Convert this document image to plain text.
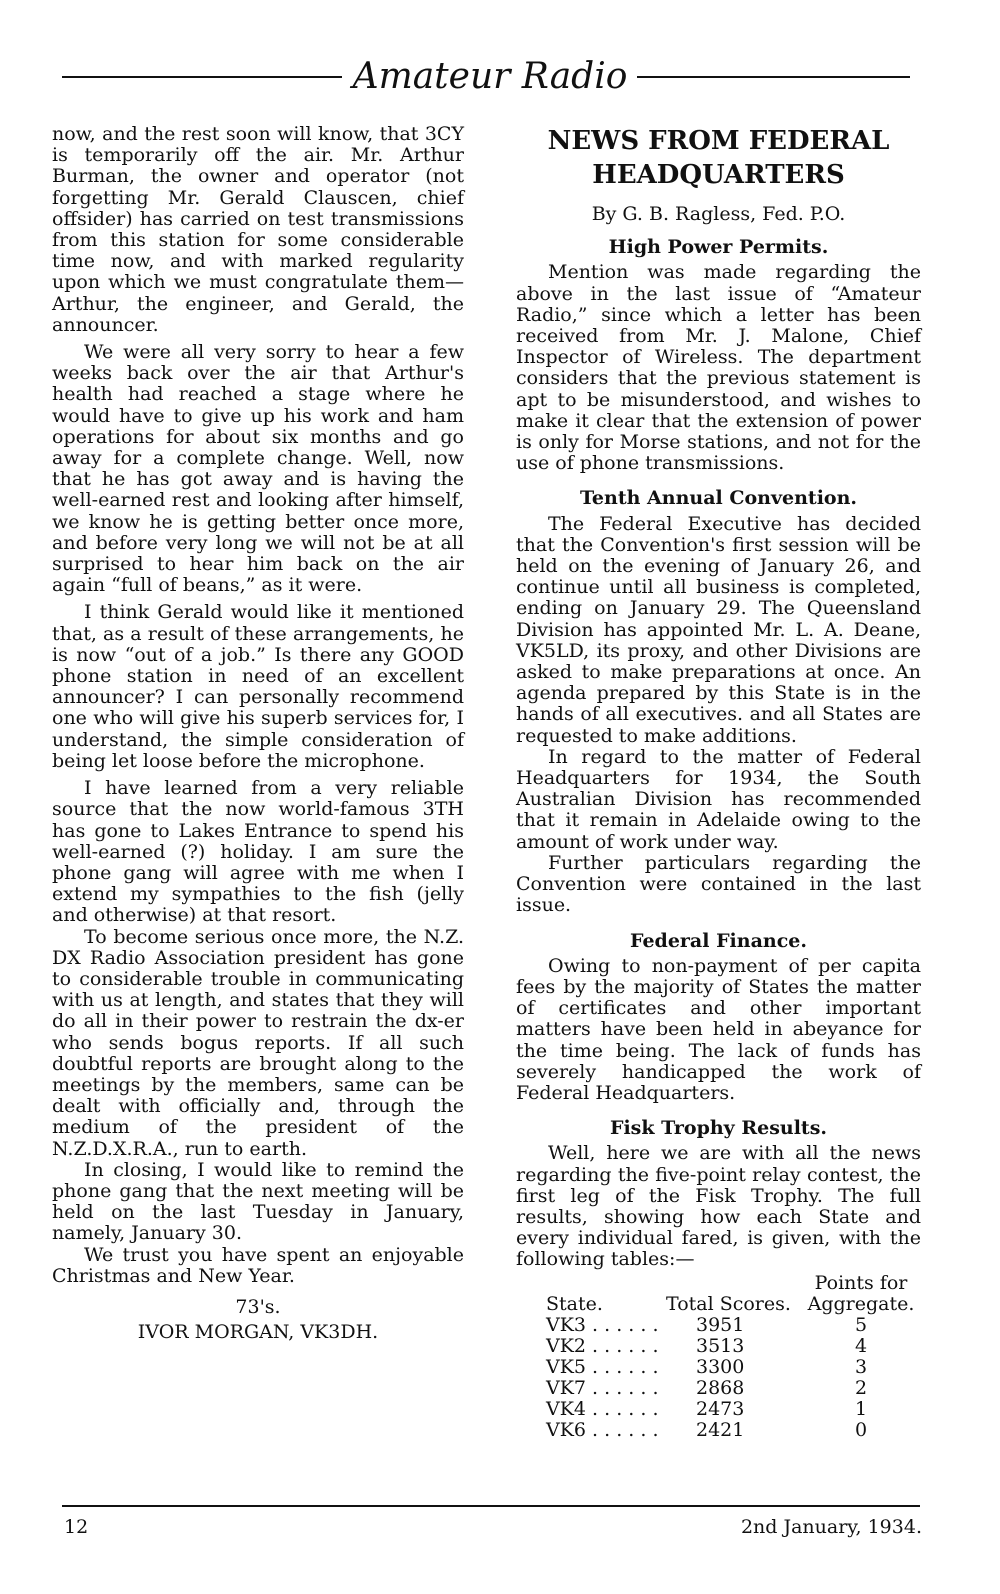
Amateur Radio

now, and the rest soon will know, that 3CY is temporarily off the air. Mr. Arthur Burman, the owner and operator (not forgetting Mr. Gerald Clauscen, chief offsider) has carried on test transmissions from this station for some considerable time now, and with marked regularity upon which we must congratulate them—Arthur, the engineer, and Gerald, the announcer.

We were all very sorry to hear a few weeks back over the air that Arthur's health had reached a stage where he would have to give up his work and ham operations for about six months and go away for a complete change. Well, now that he has got away and is having the well-earned rest and looking after himself, we know he is getting better once more, and before very long we will not be at all surprised to hear him back on the air again “full of beans,” as it were.

I think Gerald would like it mentioned that, as a result of these arrangements, he is now “out of a job.” Is there any GOOD phone station in need of an excellent announcer? I can personally recommend one who will give his superb services for, I understand, the simple consideration of being let loose before the microphone.

I have learned from a very reliable source that the now world-famous 3TH has gone to Lakes Entrance to spend his well-earned (?) holiday. I am sure the phone gang will agree with me when I extend my sympathies to the fish (jelly and otherwise) at that resort.

To become serious once more, the N.Z. DX Radio Association president has gone to considerable trouble in communicating with us at length, and states that they will do all in their power to restrain the dx-er who sends bogus reports. If all such doubtful reports are brought along to the meetings by the members, same can be dealt with officially and, through the medium of the president of the N.Z.D.X.R.A., run to earth.

In closing, I would like to remind the phone gang that the next meeting will be held on the last Tuesday in January, namely, January 30.

We trust you have spent an enjoyable Christmas and New Year.

73's.
IVOR MORGAN, VK3DH.
NEWS FROM FEDERAL HEADQUARTERS
By G. B. Ragless, Fed. P.O.
High Power Permits.

Mention was made regarding the above in the last issue of “Amateur Radio,” since which a letter has been received from Mr. J. Malone, Chief Inspector of Wireless. The department considers that the previous statement is apt to be misunderstood, and wishes to make it clear that the extension of power is only for Morse stations, and not for the use of phone transmissions.

Tenth Annual Convention.

The Federal Executive has decided that the Convention's first session will be held on the evening of January 26, and continue until all business is completed, ending on January 29. The Queensland Division has appointed Mr. L. A. Deane, VK5LD, its proxy, and other Divisions are asked to make preparations at once. An agenda prepared by this State is in the hands of all executives. and all States are requested to make additions.

In regard to the matter of Federal Headquarters for 1934, the South Australian Division has recommended that it remain in Adelaide owing to the amount of work under way.

Further particulars regarding the Convention were contained in the last issue.

Federal Finance.

Owing to non-payment of per capita fees by the majority of States the matter of certificates and other important matters have been held in abeyance for the time being. The lack of funds has severely handicapped the work of Federal Headquarters.

Fisk Trophy Results.

Well, here we are with all the news regarding the five-point relay contest, the first leg of the Fisk Trophy. The full results, showing how each State and every individual fared, is given, with the following tables:—

Points for
State.	Total Scores. Aggregate.
VK3 . . . . . .	3951	5
VK2 . . . . . .	3513	4
VK5 . . . . . .	3300	3
VK7 . . . . . .	2868	2
VK4 . . . . . .	2473	1
VK6 . . . . . .	2421	0
12	2nd January, 1934.
